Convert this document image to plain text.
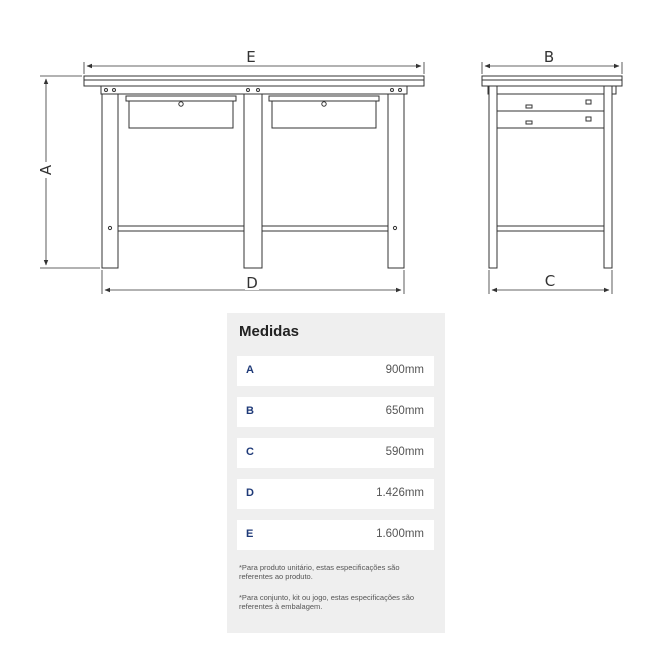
E	B
A
D	C
Medidas
A	900mm
B	650mm
C	590mm
D	1.426mm
E	1.600mm
*Para produto unitário, estas especificações são referentes ao produto.
*Para conjunto, kit ou jogo, estas especificações são referentes à embalagem.
